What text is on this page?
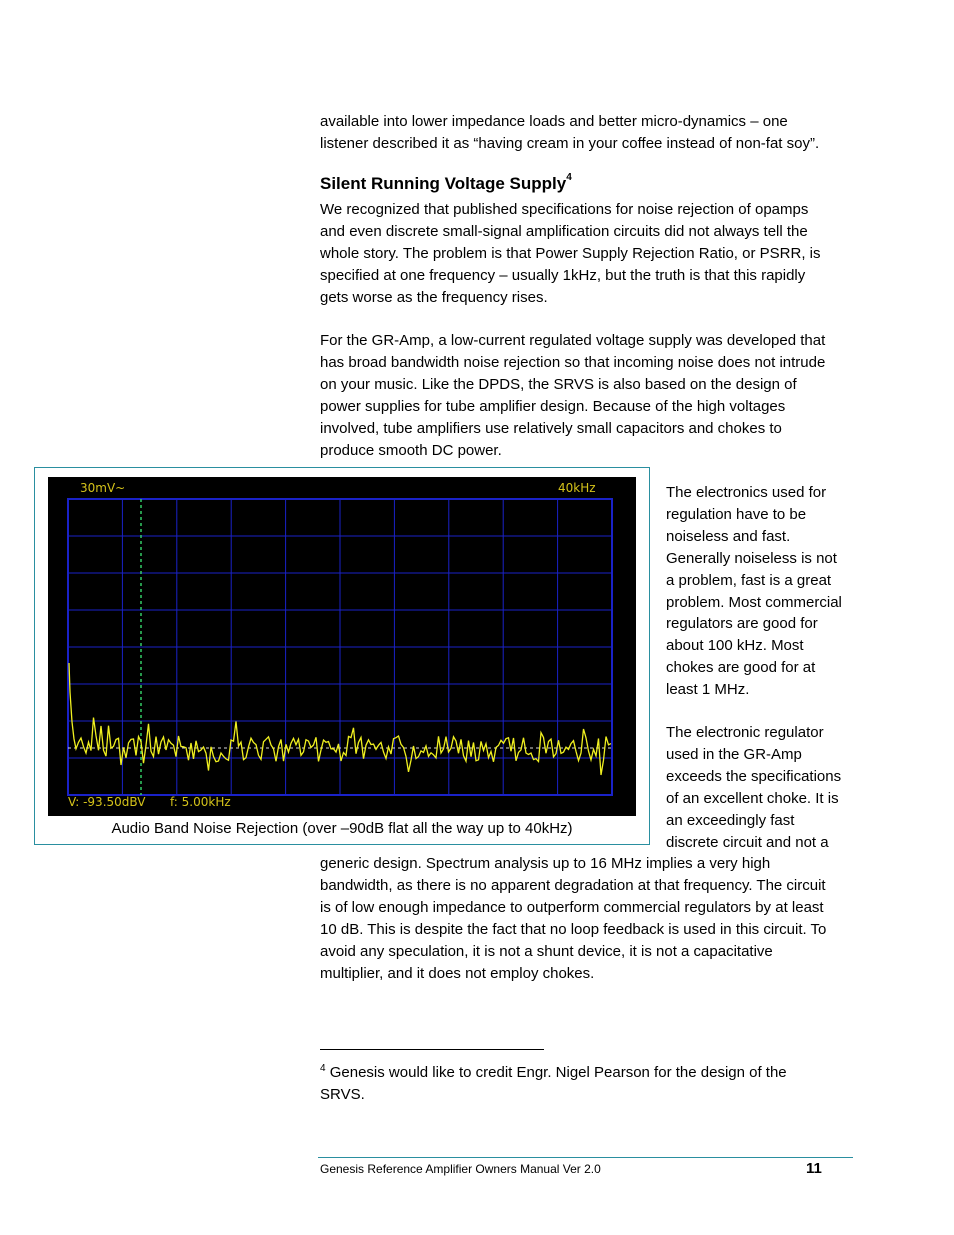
available into lower impedance loads and better micro-dynamics – one
listener described it as “having cream in your coffee instead of non-fat soy”.
Silent Running Voltage Supply$^4$
We recognized that published specifications for noise rejection of opamps
and even discrete small-signal amplification circuits did not always tell the
whole story. The problem is that Power Supply Rejection Ratio, or PSRR, is
specified at one frequency – usually 1kHz, but the truth is that this rapidly
gets worse as the frequency rises.
For the GR-Amp, a low-current regulated voltage supply was developed that
has broad bandwidth noise rejection so that incoming noise does not intrude
on your music. Like the DPDS, the SRVS is also based on the design of
power supplies for tube amplifier design. Because of the high voltages
involved, tube amplifiers use relatively small capacitors and chokes to
produce smooth DC power.
30mV~	40kHz
V: -93.50dBV f: 5.00kHz

Audio Band Noise Rejection (over –90dB flat all the way up to 40kHz)

The electronics used for
regulation have to be
noiseless and fast.
Generally noiseless is not
a problem, fast is a great
problem. Most commercial
regulators are good for
about 100 kHz. Most
chokes are good for at
least 1 MHz.
The electronic regulator
used in the GR-Amp
exceeds the specifications
of an excellent choke. It is
an exceedingly fast
discrete circuit and not a
generic design. Spectrum analysis up to 16 MHz implies a very high
bandwidth, as there is no apparent degradation at that frequency. The circuit
is of low enough impedance to outperform commercial regulators by at least
10 dB. This is despite the fact that no loop feedback is used in this circuit. To
avoid any speculation, it is not a shunt device, it is not a capacitative
multiplier, and it does not employ chokes.
$^4$ Genesis would like to credit Engr. Nigel Pearson for the design of the
SRVS.

Genesis Reference Amplifier Owners Manual Ver 2.0	11
